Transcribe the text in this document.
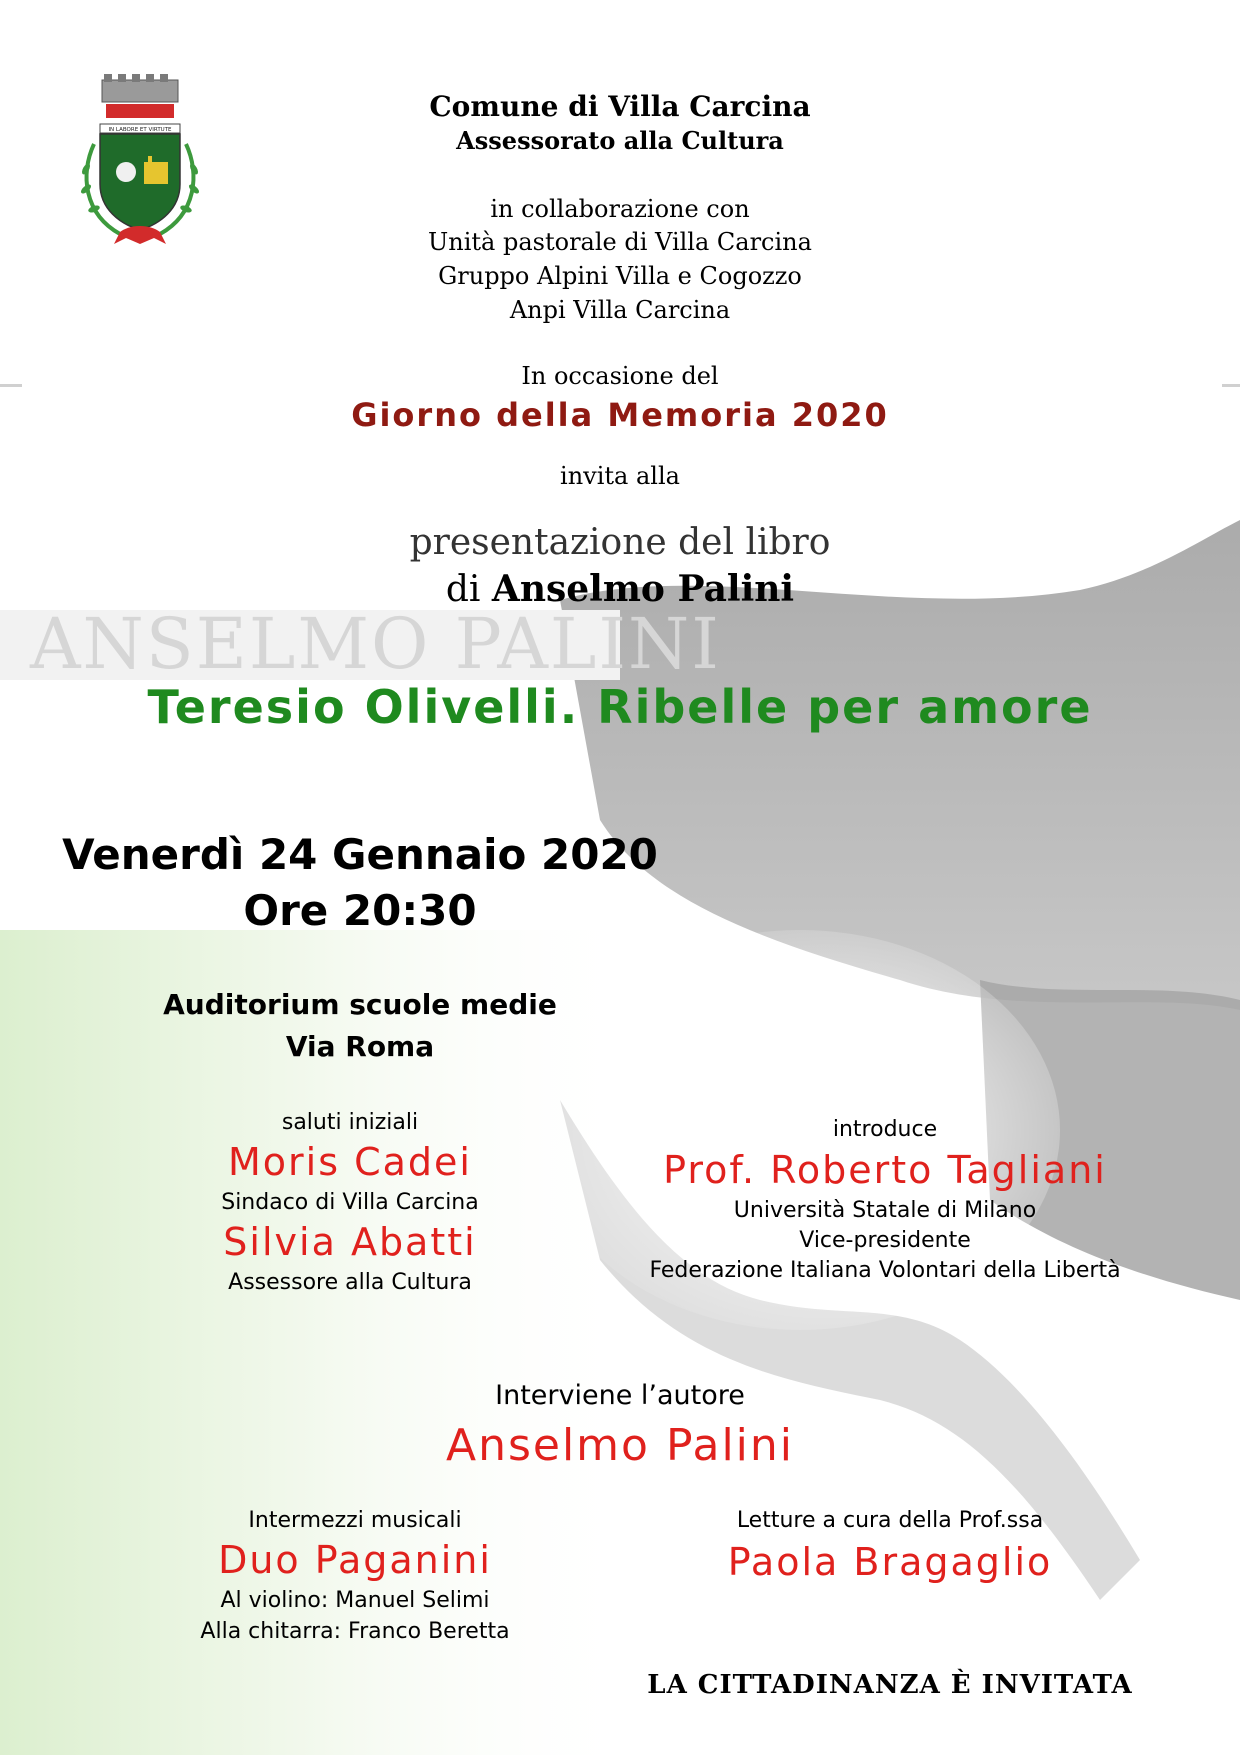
ANSELMO PALINI
IN LABORE ET VIRTUTE
Comune di Villa Carcina
Assessorato alla Cultura
in collaborazione con
Unità pastorale di Villa Carcina
Gruppo Alpini Villa e Cogozzo
Anpi Villa Carcina
In occasione del
Giorno della Memoria 2020
invita alla
presentazione del libro
di Anselmo Palini
Teresio Olivelli. Ribelle per amore
Venerdì 24 Gennaio 2020
Ore 20:30
Auditorium scuole medie
Via Roma
saluti iniziali
Moris Cadei
Sindaco di Villa Carcina
Silvia Abatti
Assessore alla Cultura
introduce
Prof. Roberto Tagliani
Università Statale di Milano
Vice-presidente
Federazione Italiana Volontari della Libertà
Interviene l’autore
Anselmo Palini
Intermezzi musicali
Duo Paganini
Al violino: Manuel Selimi
Alla chitarra: Franco Beretta
Letture a cura della Prof.ssa
Paola Bragaglio
LA CITTADINANZA È INVITATA
